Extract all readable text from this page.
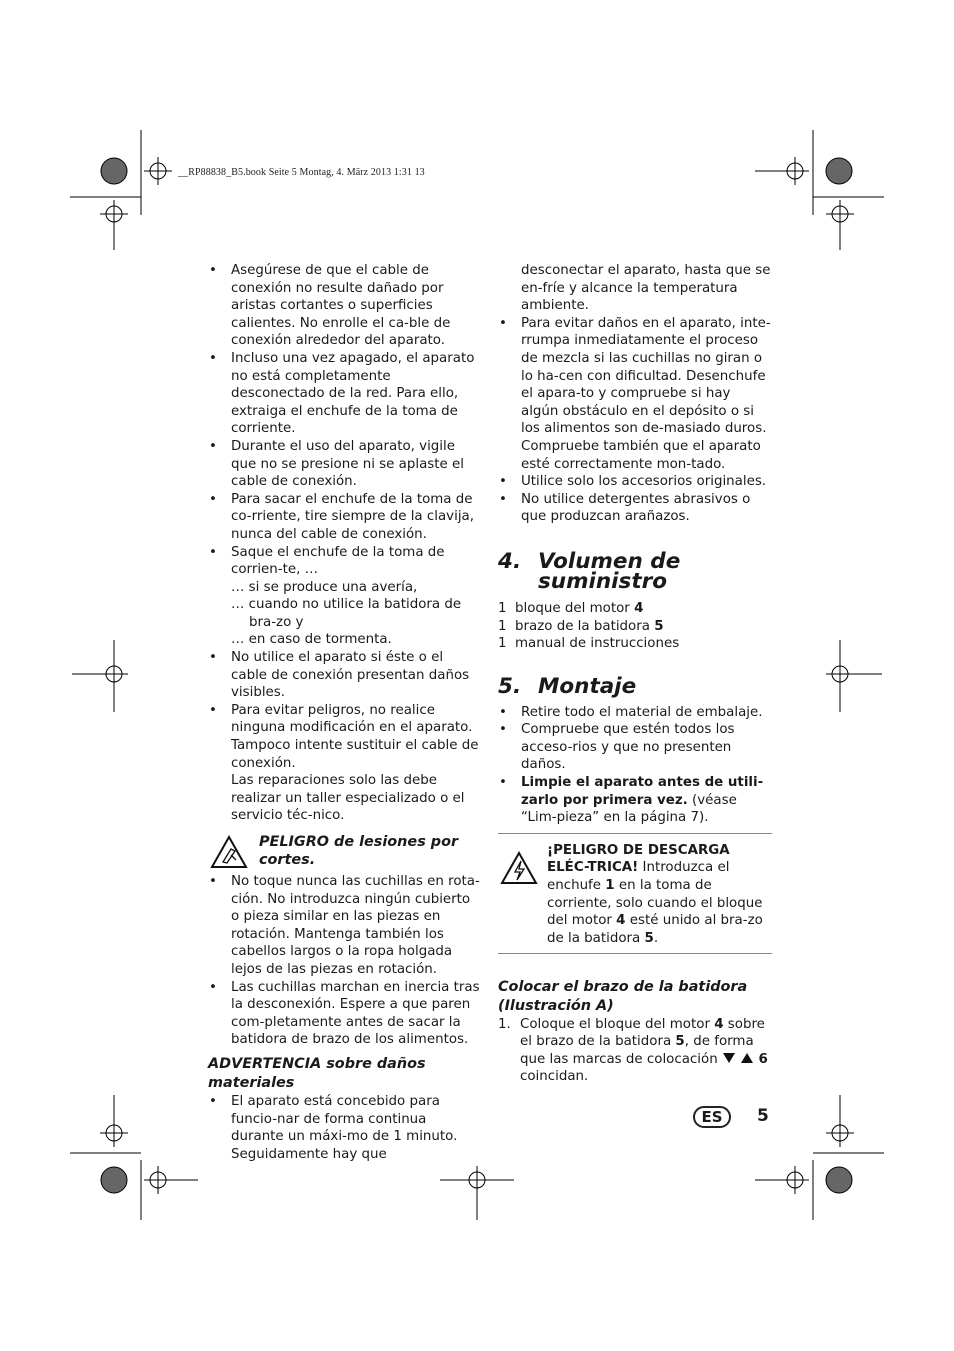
__RP88838_B5.book Seite 5 Montag, 4. März 2013 1:31 13
• Asegúrese de que el cable de conexión no resulte dañado por aristas cortantes o superficies calientes. No enrolle el ca-ble de conexión alrededor del aparato.
• Incluso una vez apagado, el aparato no está completamente desconectado de la red. Para ello, extraiga el enchufe de la toma de corriente.
• Durante el uso del aparato, vigile que no se presione ni se aplaste el cable de conexión.
• Para sacar el enchufe de la toma de co-rriente, tire siempre de la clavija, nunca del cable de conexión.
• Saque el enchufe de la toma de corrien-te, …
… si se produce una avería,
… cuando no utilice la batidora de bra-zo y
… en caso de tormenta.
• No utilice el aparato si éste o el cable de conexión presentan daños visibles.
• Para evitar peligros, no realice ninguna modificación en el aparato. Tampoco intente sustituir el cable de conexión.
Las reparaciones solo las debe realizar un taller especializado o el servicio téc-nico.
PELIGRO de lesiones por cortes.
• No toque nunca las cuchillas en rota-ción. No introduzca ningún cubierto o pieza similar en las piezas en rotación. Mantenga también los cabellos largos o la ropa holgada lejos de las piezas en rotación.
• Las cuchillas marchan en inercia tras la desconexión. Espere a que paren com-pletamente antes de sacar la batidora de brazo de los alimentos.
ADVERTENCIA sobre daños materiales
• El aparato está concebido para funcio-nar de forma continua durante un máxi-mo de 1 minuto. Seguidamente hay que
desconectar el aparato, hasta que se en-fríe y alcance la temperatura ambiente.
• Para evitar daños en el aparato, inte-rrumpa inmediatamente el proceso de mezcla si las cuchillas no giran o lo ha-cen con dificultad. Desenchufe el apara-to y compruebe si hay algún obstáculo en el depósito o si los alimentos son de-masiado duros. Compruebe también que el aparato esté correctamente mon-tado.
• Utilice solo los accesorios originales.
• No utilice detergentes abrasivos o que produzcan arañazos.
4. Volumen de suministro
1 bloque del motor 4
1 brazo de la batidora 5
1 manual de instrucciones
5. Montaje
• Retire todo el material de embalaje.
• Compruebe que estén todos los acceso-rios y que no presenten daños.
• Limpie el aparato antes de utili-zarlo por primera vez. (véase “Lim-pieza” en la página 7).
¡PELIGRO DE DESCARGA ELÉC-TRICA! Introduzca el enchufe 1 en la toma de corriente, solo cuando el bloque del motor 4 esté unido al bra-zo de la batidora 5.
Colocar el brazo de la batidora (Ilustración A)
1. Coloque el bloque del motor 4 sobre el brazo de la batidora 5, de forma que las marcas de colocación	6
coincidan.
ES	5
